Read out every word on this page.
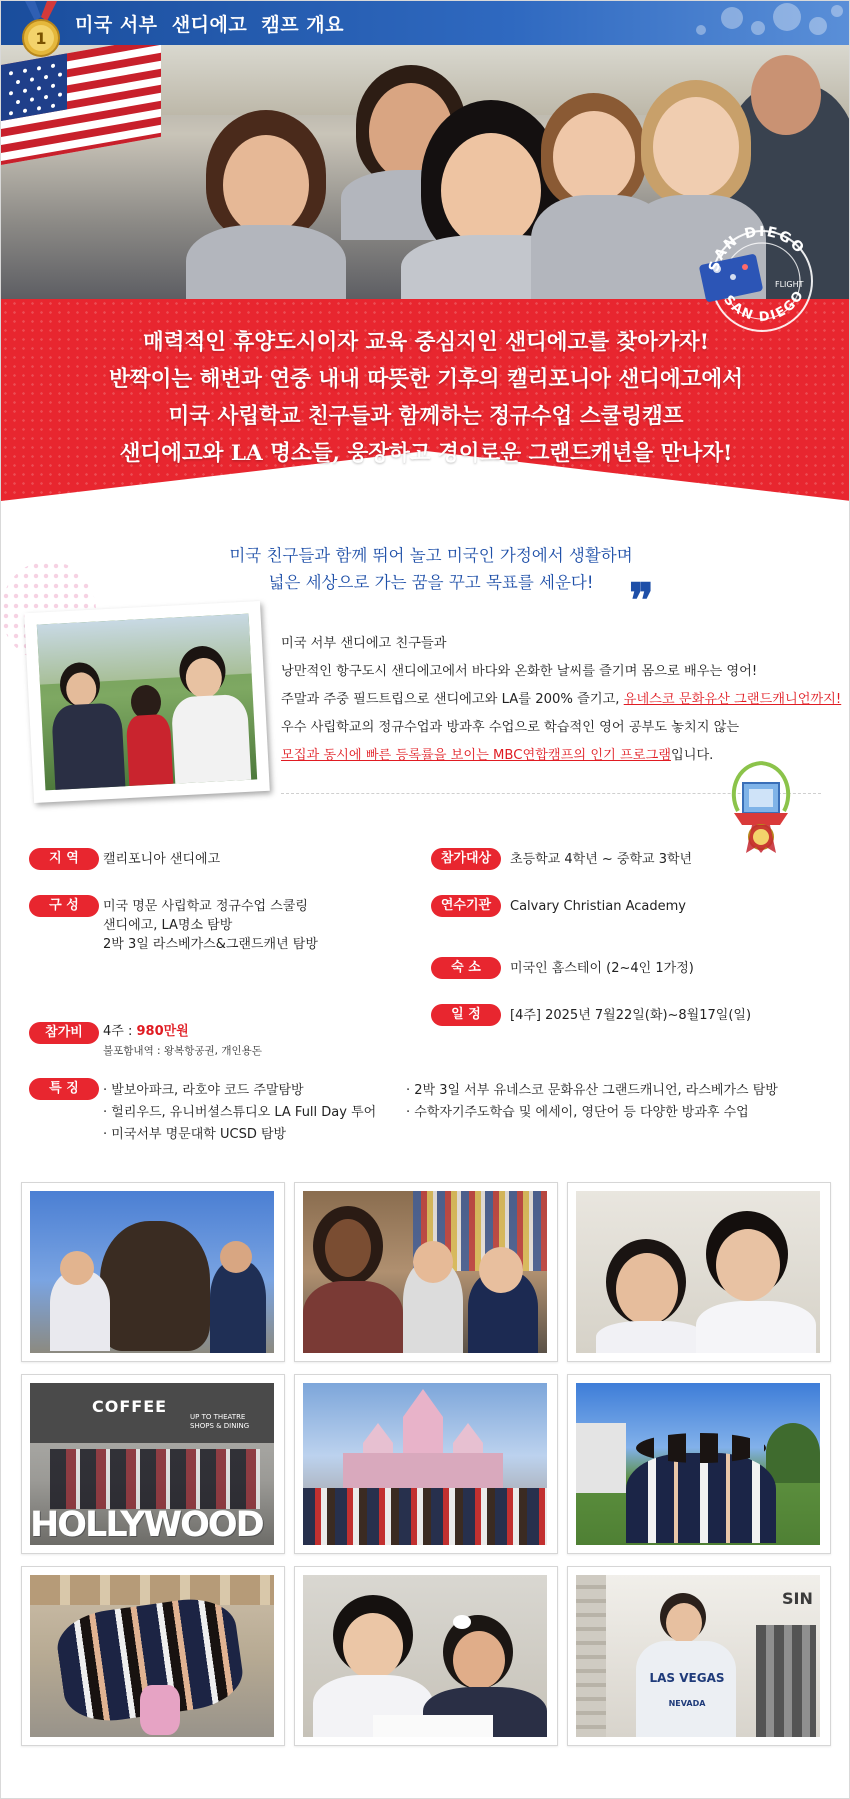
미국 서부  샌디에고  캠프 개요
1
매력적인 휴양도시이자 교육 중심지인 샌디에고를 찾아가자!
반짝이는 해변과 연중 내내 따뜻한 기후의 캘리포니아 샌디에고에서
미국 사립학교 친구들과 함께하는 정규수업 스쿨링캠프
샌디에고와 LA 명소들, 웅장하고 경이로운 그랜드캐년을 만나자!
SAN DIEGO
SAN DIEGO
FLIGHT
미국 친구들과 함께 뛰어 놀고 미국인 가정에서 생활하며
넓은 세상으로 가는 꿈을 꾸고 목표를 세운다! ❞
미국 서부 샌디에고 친구들과
낭만적인 항구도시 샌디에고에서 바다와 온화한 날씨를 즐기며 몸으로 배우는 영어!
주말과 주중 필드트립으로 샌디에고와 LA를 200% 즐기고, 유네스코 문화유산 그랜드캐니언까지!
우수 사립학교의 정규수업과 방과후 수업으로 학습적인 영어 공부도 놓치지 않는
모집과 동시에 빠른 등록률을 보이는 MBC연합캠프의 인기 프로그램입니다.
지 역	캘리포니아 샌디에고	참가대상	초등학교 4학년 ~ 중학교 3학년
구 성	미국 명문 사립학교 정규수업 스쿨링
샌디에고, LA명소 탐방
2박 3일 라스베가스&그랜드캐년 탐방
연수기관	Calvary Christian Academy
숙 소	미국인 홈스테이 (2~4인 1가정)
일 정	[4주] 2025년 7월22일(화)~8월17일(일)
참가비	4주 : 980만원
불포함내역 : 왕복항공권, 개인용돈
특 징	· 발보아파크, 라호야 코드 주말탐방
· 헐리우드, 유니버셜스튜디오 LA Full Day 투어
· 미국서부 명문대학 UCSD 탐방
· 2박 3일 서부 유네스코 문화유산 그랜드캐니언, 라스베가스 탐방
· 수학자기주도학습 및 에세이, 영단어 등 다양한 방과후 수업
COFFEE
UP TO THEATRE SHOPS & DINING
HOLLYWOOD
SIN
LAS VEGAS
NEVADA
